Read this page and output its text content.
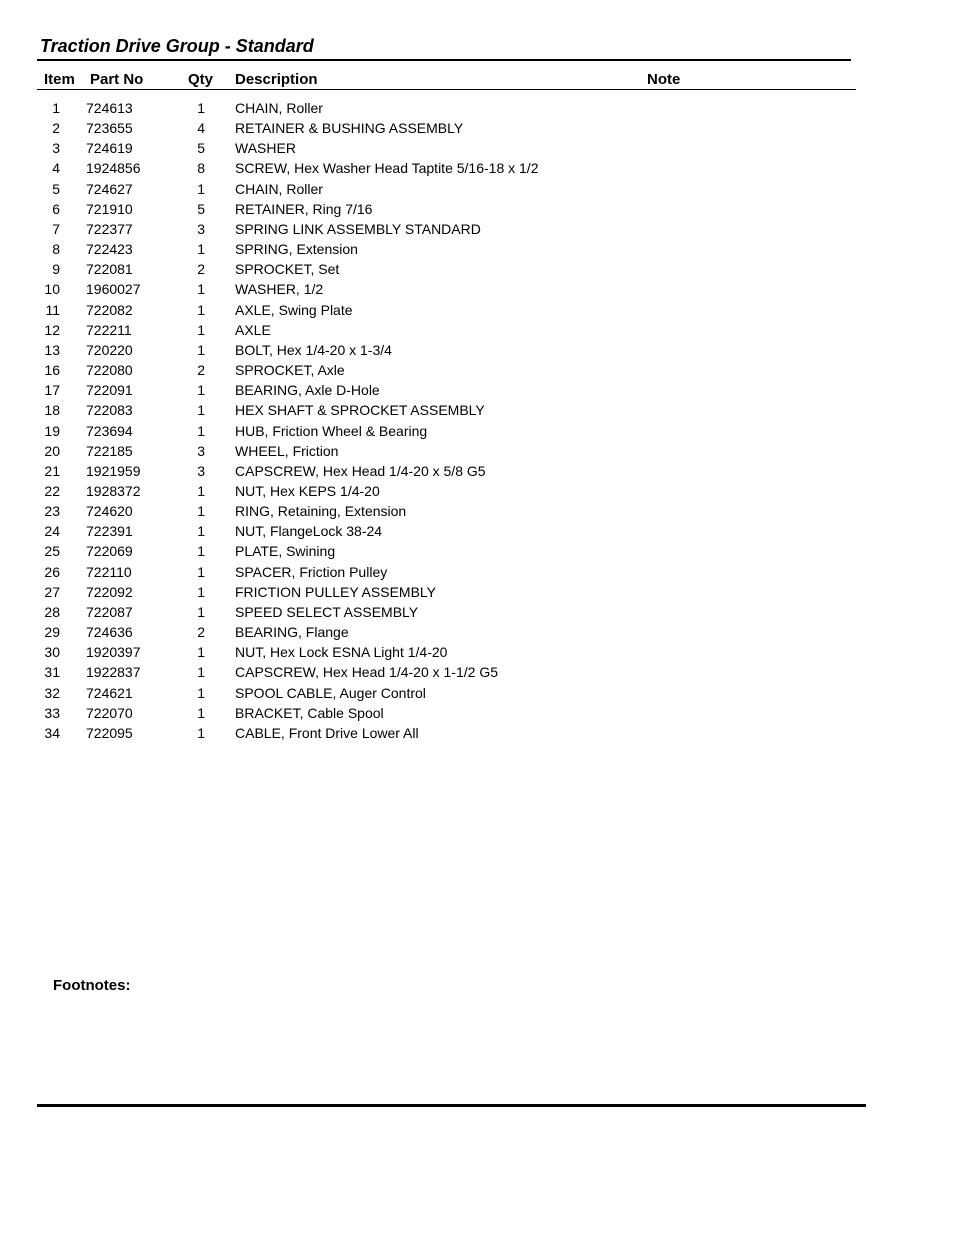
Traction Drive Group - Standard
Item Part No	Qty Description	Note
1 724613	1 CHAIN, Roller
2 723655	4 RETAINER & BUSHING ASSEMBLY
3 724619	5 WASHER
4 1924856	8 SCREW, Hex Washer Head Taptite 5/16-18 x 1/2
5 724627	1 CHAIN, Roller
6 721910	5 RETAINER, Ring 7/16
7 722377	3 SPRING LINK ASSEMBLY STANDARD
8 722423	1 SPRING, Extension
9 722081	2 SPROCKET, Set
10 1960027	1 WASHER, 1/2
11 722082	1 AXLE, Swing Plate
12 722211	1 AXLE
13 720220	1 BOLT, Hex 1/4-20 x 1-3/4
16 722080	2 SPROCKET, Axle
17 722091	1 BEARING, Axle D-Hole
18 722083	1 HEX SHAFT & SPROCKET ASSEMBLY
19 723694	1 HUB, Friction Wheel & Bearing
20 722185	3 WHEEL, Friction
21 1921959	3 CAPSCREW, Hex Head 1/4-20 x 5/8 G5
22 1928372	1 NUT, Hex KEPS 1/4-20
23 724620	1 RING, Retaining, Extension
24 722391	1 NUT, FlangeLock 38-24
25 722069	1 PLATE, Swining
26 722110	1 SPACER, Friction Pulley
27 722092	1 FRICTION PULLEY ASSEMBLY
28 722087	1 SPEED SELECT ASSEMBLY
29 724636	2 BEARING, Flange
30 1920397	1 NUT, Hex Lock ESNA Light 1/4-20
31 1922837	1 CAPSCREW, Hex Head 1/4-20 x 1-1/2 G5
32 724621	1 SPOOL CABLE, Auger Control
33 722070	1 BRACKET, Cable Spool
34 722095	1 CABLE, Front Drive Lower All
Footnotes:
